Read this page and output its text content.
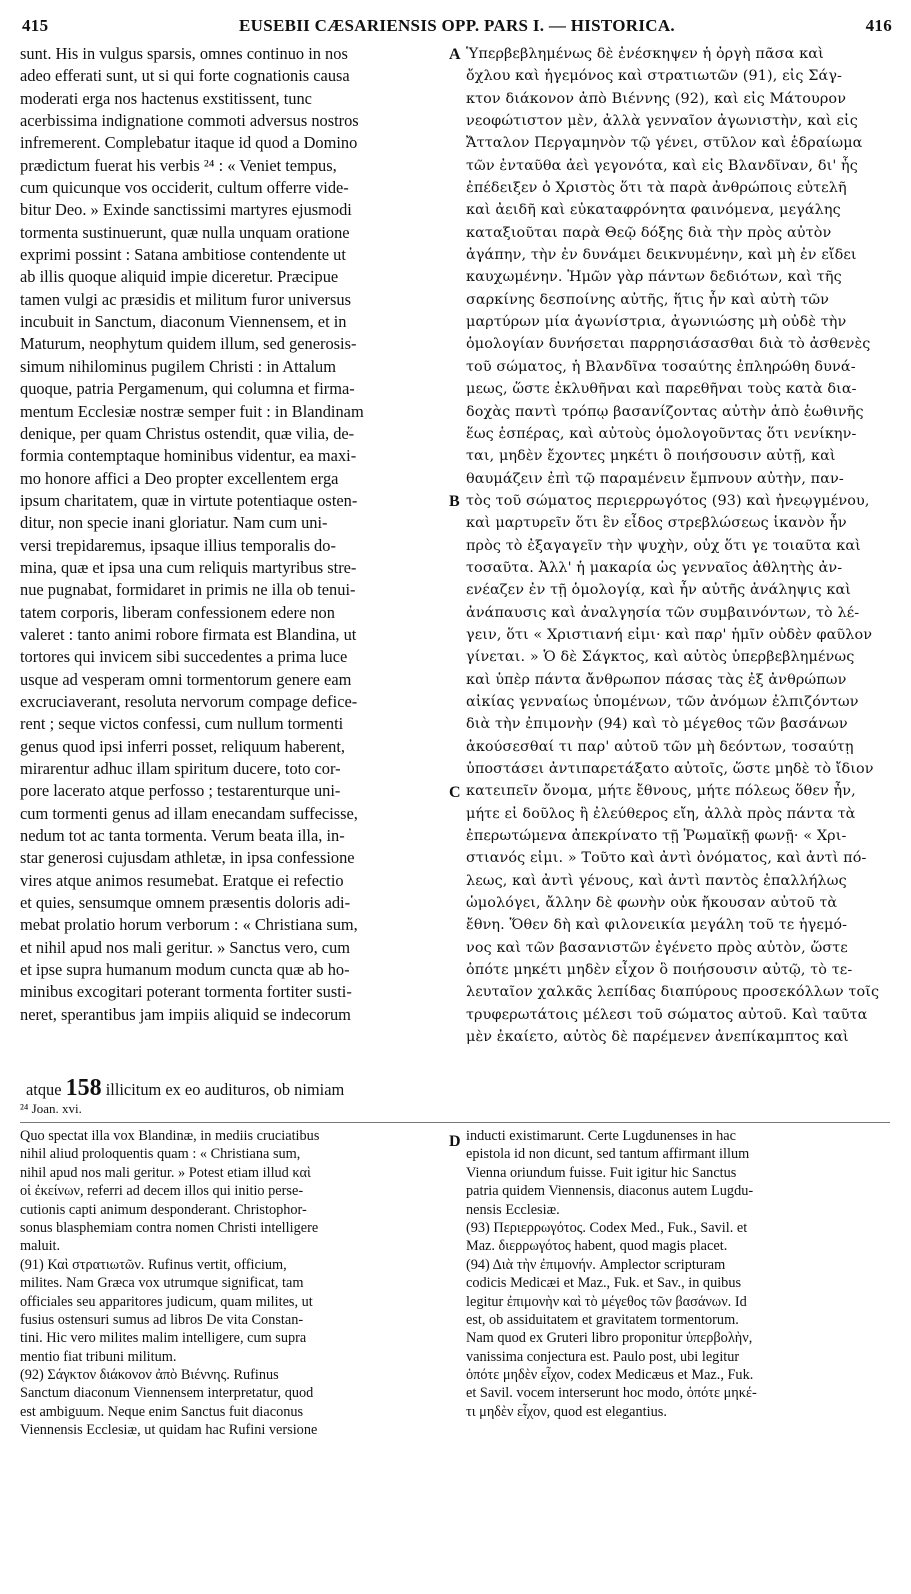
415	EUSEBII CÆSARIENSIS OPP. PARS I. — HISTORICA.	416
sunt. His in vulgus sparsis, omnes continuo in nos
adeo efferati sunt, ut si qui forte cognationis causa
moderati erga nos hactenus exstitissent, tunc
acerbissima indignatione commoti adversus nostros
infremerent. Complebatur itaque id quod a Domino
prædictum fuerat his verbis ²⁴ : « Veniet tempus,
cum quicunque vos occiderit, cultum offerre vide-
bitur Deo. » Exinde sanctissimi martyres ejusmodi
tormenta sustinuerunt, quæ nulla unquam oratione
exprimi possint : Satana ambitiose contendente ut
ab illis quoque aliquid impie diceretur. Præcipue
tamen vulgi ac præsidis et militum furor universus
incubuit in Sanctum, diaconum Viennensem, et in
Maturum, neophytum quidem illum, sed generosis-
simum nihilominus pugilem Christi : in Attalum
quoque, patria Pergamenum, qui columna et firma-
mentum Ecclesiæ nostræ semper fuit : in Blandinam
denique, per quam Christus ostendit, quæ vilia, de-
formia contemptaque hominibus videntur, ea maxi-
mo honore affici a Deo propter excellentem erga
ipsum charitatem, quæ in virtute potentiaque osten-
ditur, non specie inani gloriatur. Nam cum uni-
versi trepidaremus, ipsaque illius temporalis do-
mina, quæ et ipsa una cum reliquis martyribus stre-
nue pugnabat, formidaret in primis ne illa ob tenui-
tatem corporis, liberam confessionem edere non
valeret : tanto animi robore firmata est Blandina, ut
tortores qui invicem sibi succedentes a prima luce
usque ad vesperam omni tormentorum genere eam
excruciaverant, resoluta nervorum compage defice-
rent ; seque victos confessi, cum nullum tormenti
genus quod ipsi inferri posset, reliquum haberent,
mirarentur adhuc illam spiritum ducere, toto cor-
pore lacerato atque perfosso ; testarenturque uni-
cum tormenti genus ad illam enecandam suffecisse,
nedum tot ac tanta tormenta. Verum beata illa, in-
star generosi cujusdam athletæ, in ipsa confessione
vires atque animos resumebat. Eratque ei refectio
et quies, sensumque omnem præsentis doloris adi-
mebat prolatio horum verborum : « Christiana sum,
et nihil apud nos mali geritur. » Sanctus vero, cum
et ipse supra humanum modum cuncta quæ ab ho-
minibus excogitari poterant tormenta fortiter susti-
neret, sperantibus jam impiis aliquid se indecorum
Ὑπερβεβλημένως δὲ ἐνέσκηψεν ἡ ὀργὴ πᾶσα καὶ
ὄχλου καὶ ἡγεμόνος καὶ στρατιωτῶν (91), εἰς Σάγ-
κτον διάκονον ἀπὸ Βιέννης (92), καὶ εἰς Μάτουρον
νεοφώτιστον μὲν, ἀλλὰ γενναῖον ἀγωνιστὴν, καὶ εἰς
Ἄτταλον Περγαμηνὸν τῷ γένει, στῦλον καὶ ἑδραίωμα
τῶν ἐνταῦθα ἀεὶ γεγονότα, καὶ εἰς Βλανδῖναν, δι' ἧς
ἐπέδειξεν ὁ Χριστὸς ὅτι τὰ παρὰ ἀνθρώποις εὐτελῆ
καὶ ἀειδῆ καὶ εὐκαταφρόνητα φαινόμενα, μεγάλης
καταξιοῦται παρὰ Θεῷ δόξης διὰ τὴν πρὸς αὐτὸν
ἀγάπην, τὴν ἐν δυνάμει δεικνυμένην, καὶ μὴ ἐν εἴδει
καυχωμένην. Ἡμῶν γὰρ πάντων δεδιότων, καὶ τῆς
σαρκίνης δεσποίνης αὐτῆς, ἥτις ἦν καὶ αὐτὴ τῶν
μαρτύρων μία ἀγωνίστρια, ἀγωνιώσης μὴ οὐδὲ τὴν
ὁμολογίαν δυνήσεται παρρησιάσασθαι διὰ τὸ ἀσθενὲς
τοῦ σώματος, ἡ Βλανδῖνα τοσαύτης ἐπληρώθη δυνά-
μεως, ὥστε ἐκλυθῆναι καὶ παρεθῆναι τοὺς κατὰ δια-
δοχὰς παντὶ τρόπῳ βασανίζοντας αὐτὴν ἀπὸ ἑωθινῆς
ἕως ἑσπέρας, καὶ αὐτοὺς ὁμολογοῦντας ὅτι νενίκην-
ται, μηδὲν ἔχοντες μηκέτι ὃ ποιήσουσιν αὐτῇ, καὶ
θαυμάζειν ἐπὶ τῷ παραμένειν ἔμπνουν αὐτὴν, παν-
τὸς τοῦ σώματος περιερρωγότος (93) καὶ ἠνεῳγμένου,
καὶ μαρτυρεῖν ὅτι ἓν εἶδος στρεβλώσεως ἱκανὸν ἦν
πρὸς τὸ ἐξαγαγεῖν τὴν ψυχὴν, οὐχ ὅτι γε τοιαῦτα καὶ
τοσαῦτα. Ἀλλ' ἡ μακαρία ὡς γενναῖος ἀθλητὴς ἀν-
ενέαζεν ἐν τῇ ὁμολογίᾳ, καὶ ἦν αὐτῆς ἀνάληψις καὶ
ἀνάπαυσις καὶ ἀναλγησία τῶν συμβαινόντων, τὸ λέ-
γειν, ὅτι « Χριστιανή εἰμι· καὶ παρ' ἡμῖν οὐδὲν φαῦλον
γίνεται. » Ὁ δὲ Σάγκτος, καὶ αὐτὸς ὑπερβεβλημένως
καὶ ὑπὲρ πάντα ἄνθρωπον πάσας τὰς ἐξ ἀνθρώπων
αἰκίας γενναίως ὑπομένων, τῶν ἀνόμων ἐλπιζόντων
διὰ τὴν ἐπιμονὴν (94) καὶ τὸ μέγεθος τῶν βασάνων
ἀκούσεσθαί τι παρ' αὐτοῦ τῶν μὴ δεόντων, τοσαύτῃ
ὑποστάσει ἀντιπαρετάξατο αὐτοῖς, ὥστε μηδὲ τὸ ἴδιον
κατειπεῖν ὄνομα, μήτε ἔθνους, μήτε πόλεως ὅθεν ἦν,
μήτε εἰ δοῦλος ἢ ἐλεύθερος εἴη, ἀλλὰ πρὸς πάντα τὰ
ἐπερωτώμενα ἀπεκρίνατο τῇ Ῥωμαϊκῇ φωνῇ· « Χρι-
στιανός εἰμι. » Τοῦτο καὶ ἀντὶ ὀνόματος, καὶ ἀντὶ πό-
λεως, καὶ ἀντὶ γένους, καὶ ἀντὶ παντὸς ἐπαλλήλως
ὡμολόγει, ἄλλην δὲ φωνὴν οὐκ ἤκουσαν αὐτοῦ τὰ
ἔθνη. Ὅθεν δὴ καὶ φιλονεικία μεγάλη τοῦ τε ἡγεμό-
νος καὶ τῶν βασανιστῶν ἐγένετο πρὸς αὐτὸν, ὥστε
ὁπότε μηκέτι μηδὲν εἶχον ὃ ποιήσουσιν αὐτῷ, τὸ τε-
λευταῖον χαλκᾶς λεπίδας διαπύρους προσεκόλλων τοῖς
τρυφερωτάτοις μέλεσι τοῦ σώματος αὐτοῦ. Καὶ ταῦτα
μὲν ἐκαίετο, αὐτὸς δὲ παρέμενεν ἀνεπίκαμπτος καὶ
A
B
C
D
atque 158 illicitum ex eo audituros, ob nimiam
²⁴ Joan. xvi.
Quo spectat illa vox Blandinæ, in mediis cruciatibus
nihil aliud proloquentis quam : « Christiana sum,
nihil apud nos mali geritur. » Potest etiam illud καὶ
οἱ ἐκείνων, referri ad decem illos qui initio perse-
cutionis capti animum desponderant. Christophor-
sonus blasphemiam contra nomen Christi intelligere
maluit.
(91) Καὶ στρατιωτῶν. Rufinus vertit, officium,
milites. Nam Græca vox utrumque significat, tam
officiales seu apparitores judicum, quam milites, ut
fusius ostensuri sumus ad libros De vita Constan-
tini. Hic vero milites malim intelligere, cum supra
mentio fiat tribuni militum.
(92) Σάγκτον διάκονον ἀπὸ Βιέννης. Rufinus
Sanctum diaconum Viennensem interpretatur, quod
est ambiguum. Neque enim Sanctus fuit diaconus
Viennensis Ecclesiæ, ut quidam hac Rufini versione
inducti existimarunt. Certe Lugdunenses in hac
epistola id non dicunt, sed tantum affirmant illum
Vienna oriundum fuisse. Fuit igitur hic Sanctus
patria quidem Viennensis, diaconus autem Lugdu-
nensis Ecclesiæ.
(93) Περιερρωγότος. Codex Med., Fuk., Savil. et
Maz. διερρωγότος habent, quod magis placet.
(94) Διὰ τὴν ἐπιμονήν. Amplector scripturam
codicis Medicæi et Maz., Fuk. et Sav., in quibus
legitur ἐπιμονὴν καὶ τὸ μέγεθος τῶν βασάνων. Id
est, ob assiduitatem et gravitatem tormentorum.
Nam quod ex Gruteri libro proponitur ὑπερβολὴν,
vanissima conjectura est. Paulo post, ubi legitur
ὁπότε μηδὲν εἶχον, codex Medicæus et Maz., Fuk.
et Savil. vocem interserunt hoc modo, ὁπότε μηκέ-
τι μηδὲν εἶχον, quod est elegantius.
